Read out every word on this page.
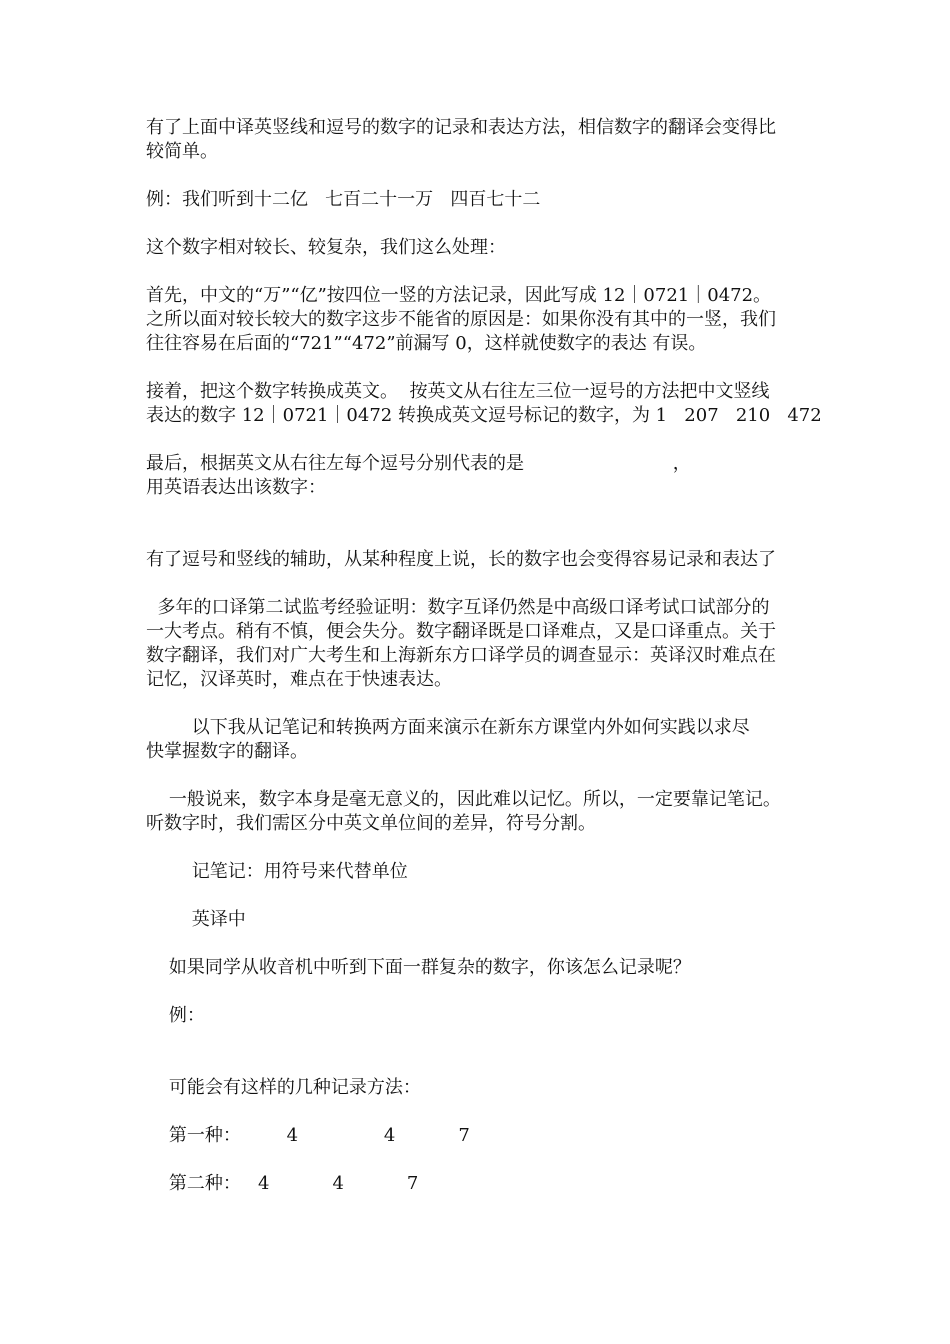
有了上面中译英竖线和逗号的数字的记录和表达方法，相信数字的翻译会变得比

较简单。

例：我们听到十二亿   七百二十一万   四百七十二

这个数字相对较长、较复杂，我们这么处理：

首先，中文的“万”“亿”按四位一竖的方法记录，因此写成 12｜0721｜0472。

之所以面对较长较大的数字这步不能省的原因是：如果你没有其中的一竖，我们

往往容易在后面的“721”“472”前漏写 0，这样就使数字的表达 有误。

接着，把这个数字转换成英文。  按英文从右往左三位一逗号的方法把中文竖线

表达的数字 12｜0721｜0472 转换成英文逗号标记的数字，为 1   207   210   472

最后，根据英文从右往左每个逗号分别代表的是                          ，

用英语表达出该数字：

有了逗号和竖线的辅助，从某种程度上说，长的数字也会变得容易记录和表达了

多年的口译第二试监考经验证明：数字互译仍然是中高级口译考试口试部分的

一大考点。稍有不慎，便会失分。数字翻译既是口译难点，又是口译重点。关于

数字翻译，我们对广大考生和上海新东方口译学员的调查显示：英译汉时难点在

记忆，汉译英时，难点在于快速表达。

以下我从记笔记和转换两方面来演示在新东方课堂内外如何实践以求尽

快掌握数字的翻译。

一般说来，数字本身是毫无意义的，因此难以记忆。所以，一定要靠记笔记。

听数字时，我们需区分中英文单位间的差异，符号分割。

记笔记：用符号来代替单位

英译中

如果同学从收音机中听到下面一群复杂的数字，你该怎么记录呢？

例：

可能会有这样的几种记录方法：

第一种：        4               4           7

第二种：   4           4           7
